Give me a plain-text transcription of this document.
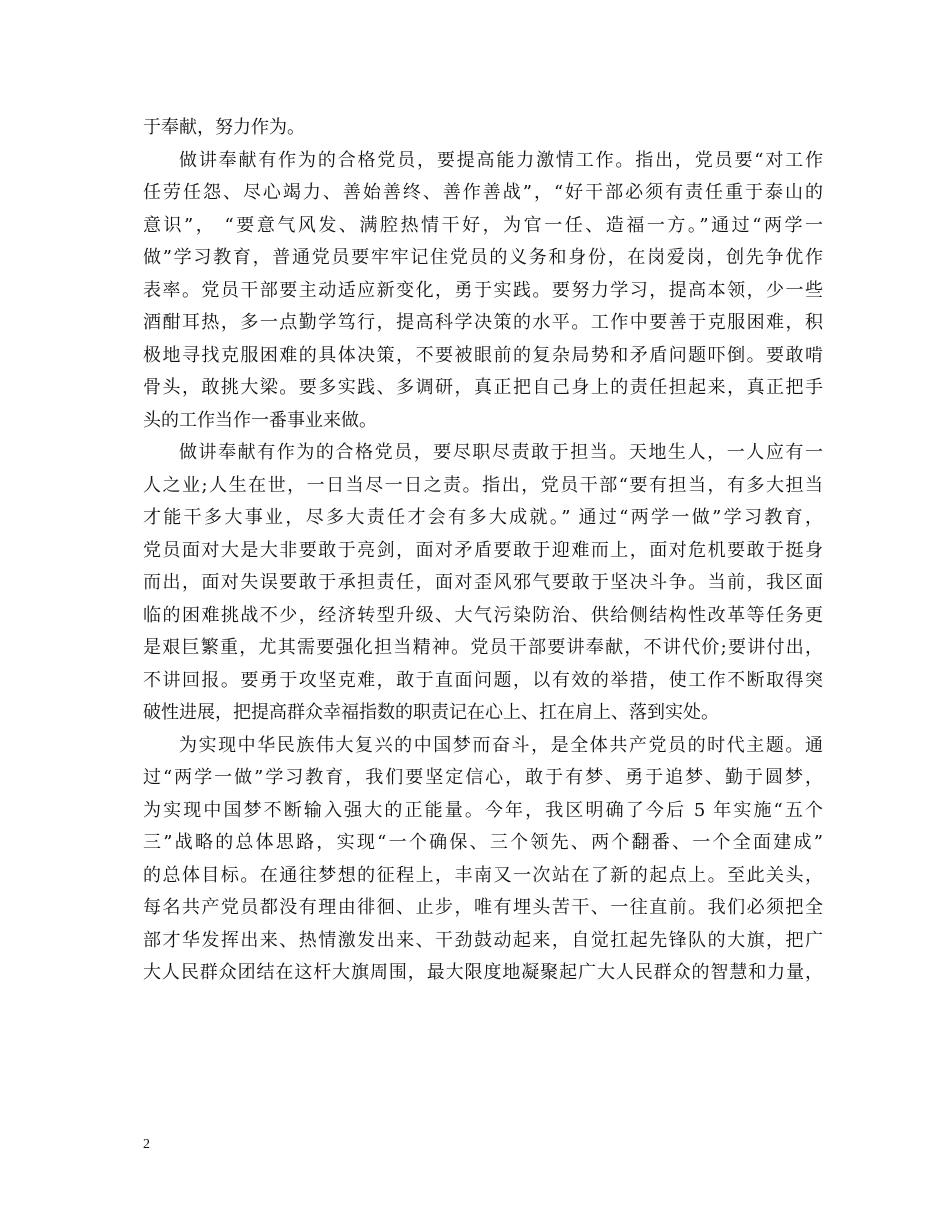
于奉献，努力作为。
做讲奉献有作为的合格党员，要提高能力激情工作。指出，党员要“对工作
任劳任怨、尽心竭力、善始善终、善作善战”，“好干部必须有责任重于泰山的
意识”， “要意气风发、满腔热情干好，为官一任、造福一方。”通过“两学一
做”学习教育，普通党员要牢牢记住党员的义务和身份，在岗爱岗，创先争优作
表率。党员干部要主动适应新变化，勇于实践。要努力学习，提高本领，少一些
酒酣耳热，多一点勤学笃行，提高科学决策的水平。工作中要善于克服困难，积
极地寻找克服困难的具体决策，不要被眼前的复杂局势和矛盾问题吓倒。要敢啃
骨头，敢挑大梁。要多实践、多调研，真正把自己身上的责任担起来，真正把手
头的工作当作一番事业来做。
做讲奉献有作为的合格党员，要尽职尽责敢于担当。天地生人，一人应有一
人之业;人生在世，一日当尽一日之责。指出，党员干部“要有担当，有多大担当
才能干多大事业，尽多大责任才会有多大成就。” 通过“两学一做”学习教育，
党员面对大是大非要敢于亮剑，面对矛盾要敢于迎难而上，面对危机要敢于挺身
而出，面对失误要敢于承担责任，面对歪风邪气要敢于坚决斗争。当前，我区面
临的困难挑战不少，经济转型升级、大气污染防治、供给侧结构性改革等任务更
是艰巨繁重，尤其需要强化担当精神。党员干部要讲奉献，不讲代价;要讲付出，
不讲回报。要勇于攻坚克难，敢于直面问题，以有效的举措，使工作不断取得突
破性进展，把提高群众幸福指数的职责记在心上、扛在肩上、落到实处。
为实现中华民族伟大复兴的中国梦而奋斗，是全体共产党员的时代主题。通
过“两学一做”学习教育，我们要坚定信心，敢于有梦、勇于追梦、勤于圆梦，
为实现中国梦不断输入强大的正能量。今年，我区明确了今后 5 年实施“五个
三”战略的总体思路，实现“一个确保、三个领先、两个翻番、一个全面建成”
的总体目标。在通往梦想的征程上，丰南又一次站在了新的起点上。至此关头，
每名共产党员都没有理由徘徊、止步，唯有埋头苦干、一往直前。我们必须把全
部才华发挥出来、热情激发出来、干劲鼓动起来，自觉扛起先锋队的大旗，把广
大人民群众团结在这杆大旗周围，最大限度地凝聚起广大人民群众的智慧和力量，
2
